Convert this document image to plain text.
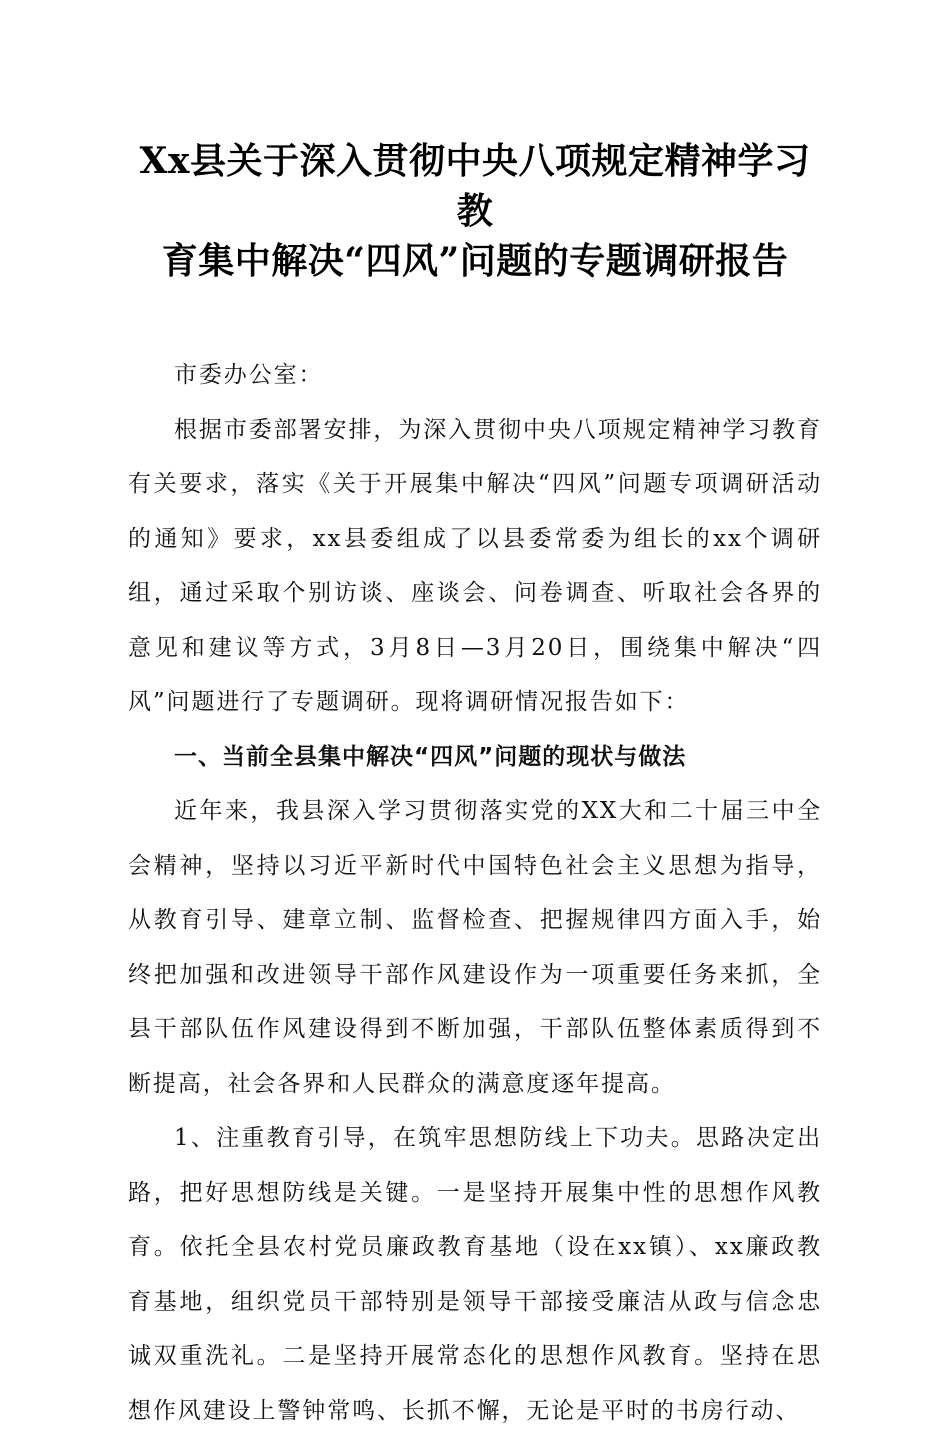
Xx县关于深入贯彻中央八项规定精神学习教
育集中解决“四风”问题的专题调研报告

市委办公室：

根据市委部署安排，为深入贯彻中央八项规定精神学习教育有关要求，落实《关于开展集中解决“四风”问题专项调研活动的通知》要求，xx县委组成了以县委常委为组长的xx个调研组，通过采取个别访谈、座谈会、问卷调查、听取社会各界的意见和建议等方式，3月8日—3月20日，围绕集中解决“四风”问题进行了专题调研。现将调研情况报告如下：

一、当前全县集中解决“四风”问题的现状与做法

近年来，我县深入学习贯彻落实党的XX大和二十届三中全会精神，坚持以习近平新时代中国特色社会主义思想为指导，从教育引导、建章立制、监督检查、把握规律四方面入手，始终把加强和改进领导干部作风建设作为一项重要任务来抓，全县干部队伍作风建设得到不断加强，干部队伍整体素质得到不断提高，社会各界和人民群众的满意度逐年提高。

1、注重教育引导，在筑牢思想防线上下功夫。思路决定出路，把好思想防线是关键。一是坚持开展集中性的思想作风教育。依托全县农村党员廉政教育基地（设在xx镇）、xx廉政教育基地，组织党员干部特别是领导干部接受廉洁从政与信念忠诚双重洗礼。二是坚持开展常态化的思想作风教育。坚持在思想作风建设上警钟常鸣、长抓不懈，无论是平时的书房行动、
